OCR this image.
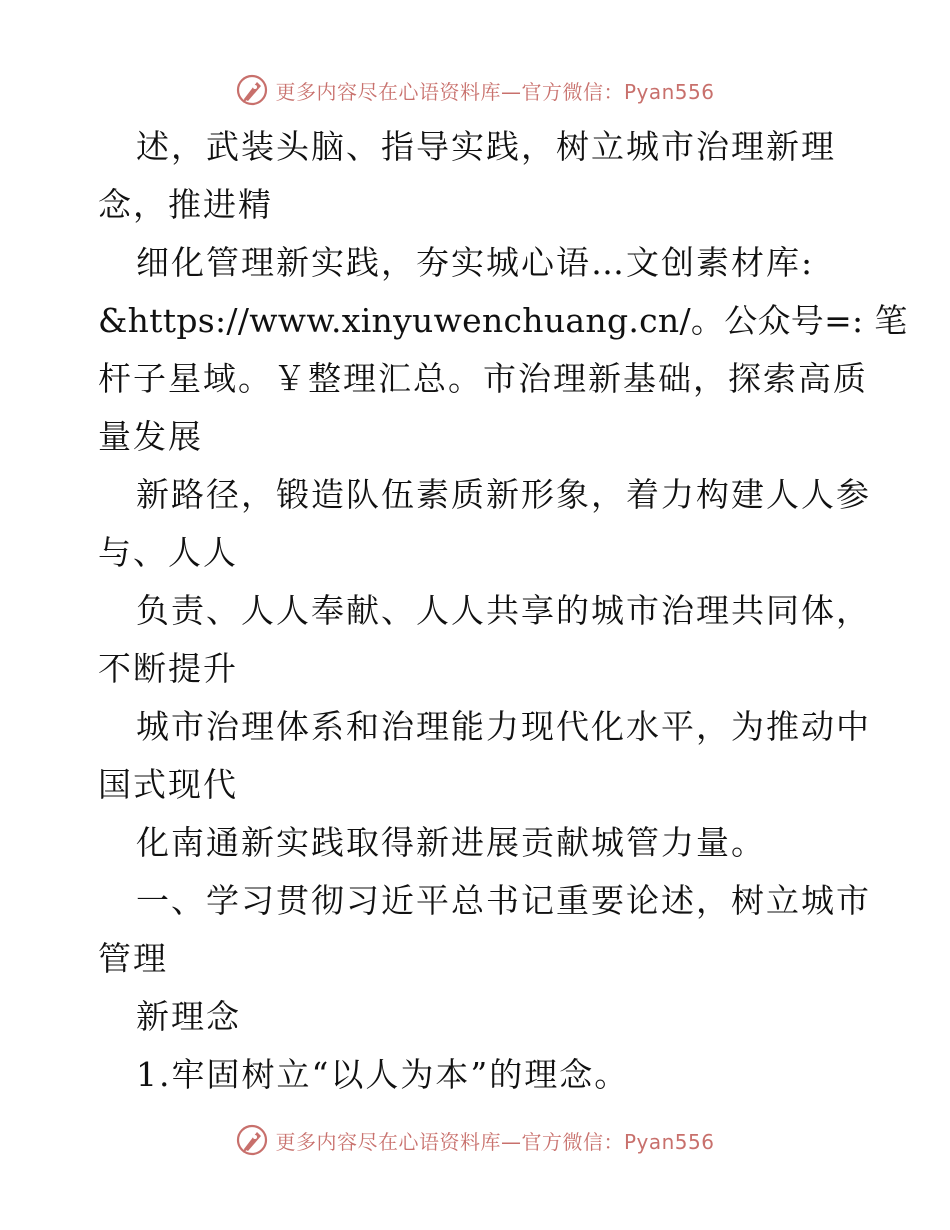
更多内容尽在心语资料库—官方微信：Pyan556
述，武装头脑、指导实践，树立城市治理新理
念，推进精
细化管理新实践，夯实城心语…文创素材库:
&https://www.xinyuwenchuang.cn/。公众号=: 笔
杆子星域。￥整理汇总。市治理新基础，探索高质
量发展
新路径，锻造队伍素质新形象，着力构建人人参
与、人人
负责、人人奉献、人人共享的城市治理共同体，
不断提升
城市治理体系和治理能力现代化水平，为推动中
国式现代
化南通新实践取得新进展贡献城管力量。
一、学习贯彻习近平总书记重要论述，树立城市
管理
新理念
1.牢固树立“以人为本”的理念。
更多内容尽在心语资料库—官方微信：Pyan556
